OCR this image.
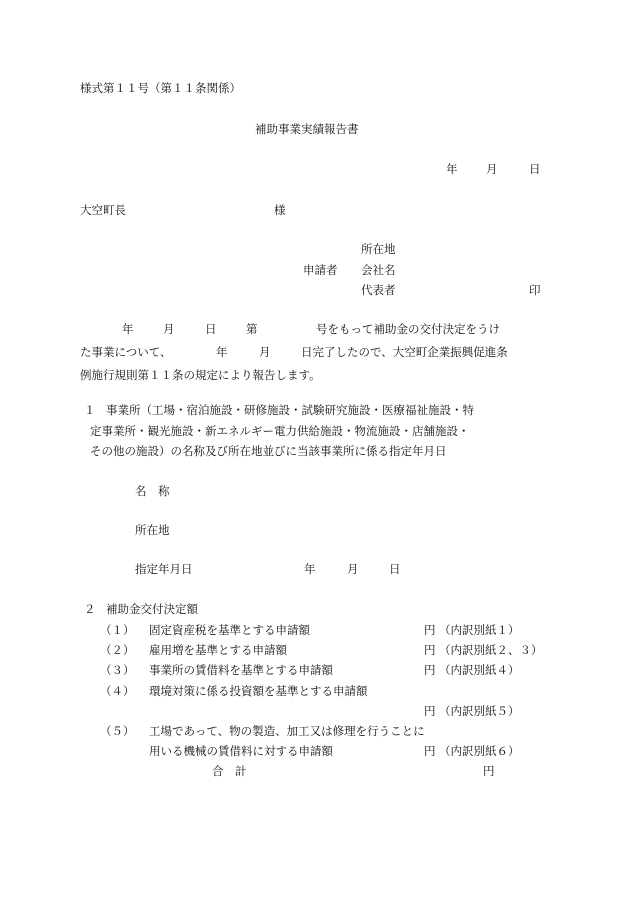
様式第１１号（第１１条関係）
補助事業実績報告書
年 月	日
大空町長	様
所在地
申請者 会社名
代表者	印
年	月	日	第	号をもって補助金の交付決定をうけ
た事業について、	年	月	日完了したので、大空町企業振興促進条
例施行規則第１１条の規定により報告します。
１ 事業所（工場・宿泊施設・研修施設・試験研究施設・医療福祉施設・特
定事業所・観光施設・新エネルギー電力供給施設・物流施設・店舗施設・
その他の施設）の名称及び所在地並びに当該事業所に係る指定年月日
名　称
所在地
指定年月日	年	月	日
２ 補助金交付決定額
（１） 固定資産税を基準とする申請額	円 （内訳別紙１）
（２） 雇用増を基準とする申請額	円 （内訳別紙２、３）
（３） 事業所の賃借料を基準とする申請額	円 （内訳別紙４）
（４） 環境対策に係る投資額を基準とする申請額
円 （内訳別紙５）
（５） 工場であって、物の製造、加工又は修理を行うことに
用いる機械の賃借料に対する申請額	円 （内訳別紙６）
合　計	円
